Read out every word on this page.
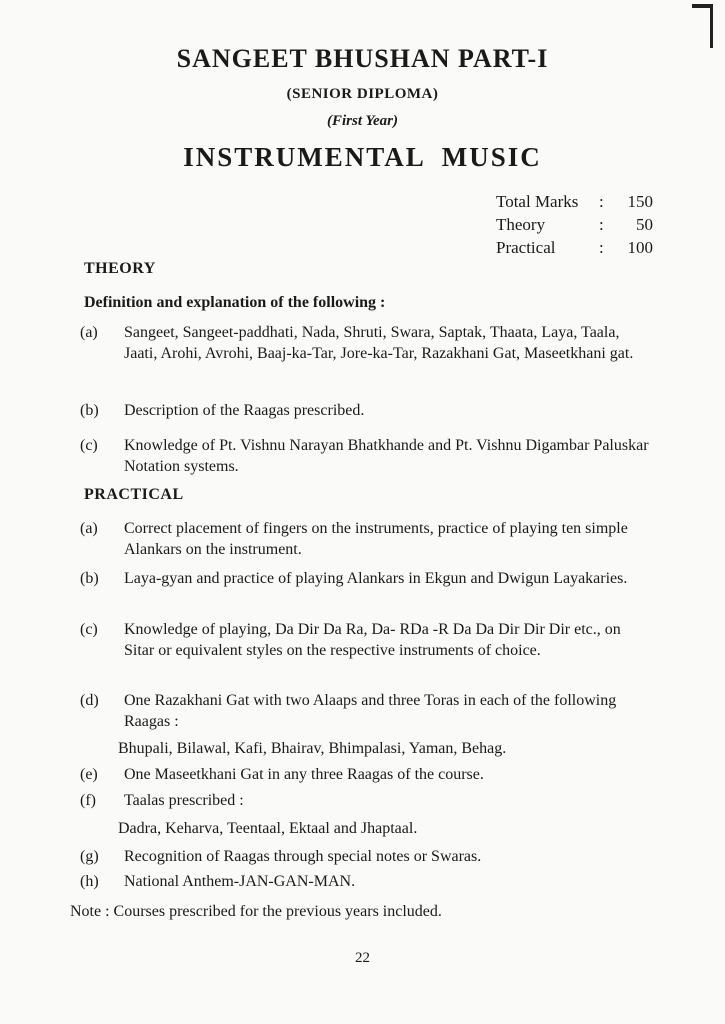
SANGEET BHUSHAN PART-I
(SENIOR DIPLOMA)
(First Year)
INSTRUMENTAL  MUSIC
Total Marks	:	150
Theory	:	50
Practical	:	100
THEORY
Definition and explanation of the following :
(a)	Sangeet, Sangeet-paddhati, Nada, Shruti, Swara, Saptak, Thaata, Laya, Taala, Jaati, Arohi, Avrohi, Baaj-ka-Tar, Jore-ka-Tar, Razakhani Gat, Maseetkhani gat.
(b)	Description of the Raagas prescribed.
(c)	Knowledge of Pt. Vishnu Narayan Bhatkhande and Pt. Vishnu Digambar Paluskar Notation systems.
PRACTICAL
(a)	Correct placement of fingers on the instruments, practice of playing ten simple Alankars on the instrument.
(b)	Laya-gyan and practice of playing Alankars in Ekgun and Dwigun Layakaries.
(c)	Knowledge of playing, Da Dir Da Ra, Da- RDa -R Da Da Dir Dir Dir etc., on Sitar or equivalent styles on the respective instruments of choice.
(d)	One Razakhani Gat with two Alaaps and three Toras in each of the following Raagas :
Bhupali, Bilawal, Kafi, Bhairav, Bhimpalasi, Yaman, Behag.
(e)	One Maseetkhani Gat in any three Raagas of the course.
(f)	Taalas prescribed :
Dadra, Keharva, Teentaal, Ektaal and Jhaptaal.
(g)	Recognition of Raagas through special notes or Swaras.
(h)	National Anthem-JAN-GAN-MAN.
Note : Courses prescribed for the previous years included.
22
